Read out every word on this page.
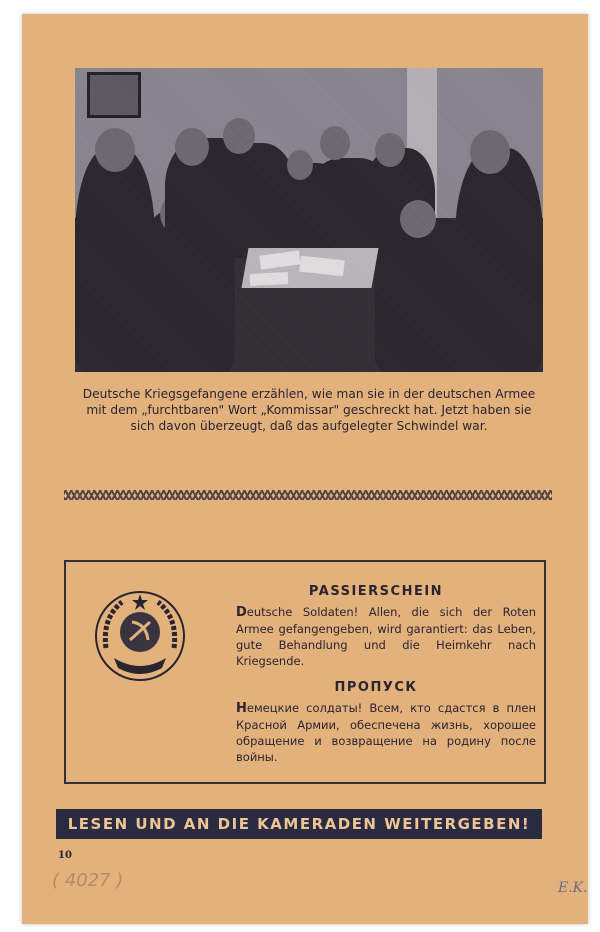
Deutsche Kriegsgefangene erzählen, wie man sie in der deutschen Armee mit dem „furchtbaren" Wort „Kommissar" geschreckt hat. Jetzt haben sie sich davon überzeugt, daß das aufgelegter Schwindel war.
PASSIERSCHEIN
Deutsche Soldaten! Allen, die sich der Roten Armee gefangengeben, wird garantiert: das Leben, gute Behandlung und die Heimkehr nach Kriegsende.
ПРОПУСК
Немецкие солдаты! Всем, кто сдастся в плен Красной Армии, обеспечена жизнь, хорошее обращение и возвращение на родину после войны.
LESEN UND AN DIE KAMERADEN WEITERGEBEN!
10
( 4027 )	E.K.
